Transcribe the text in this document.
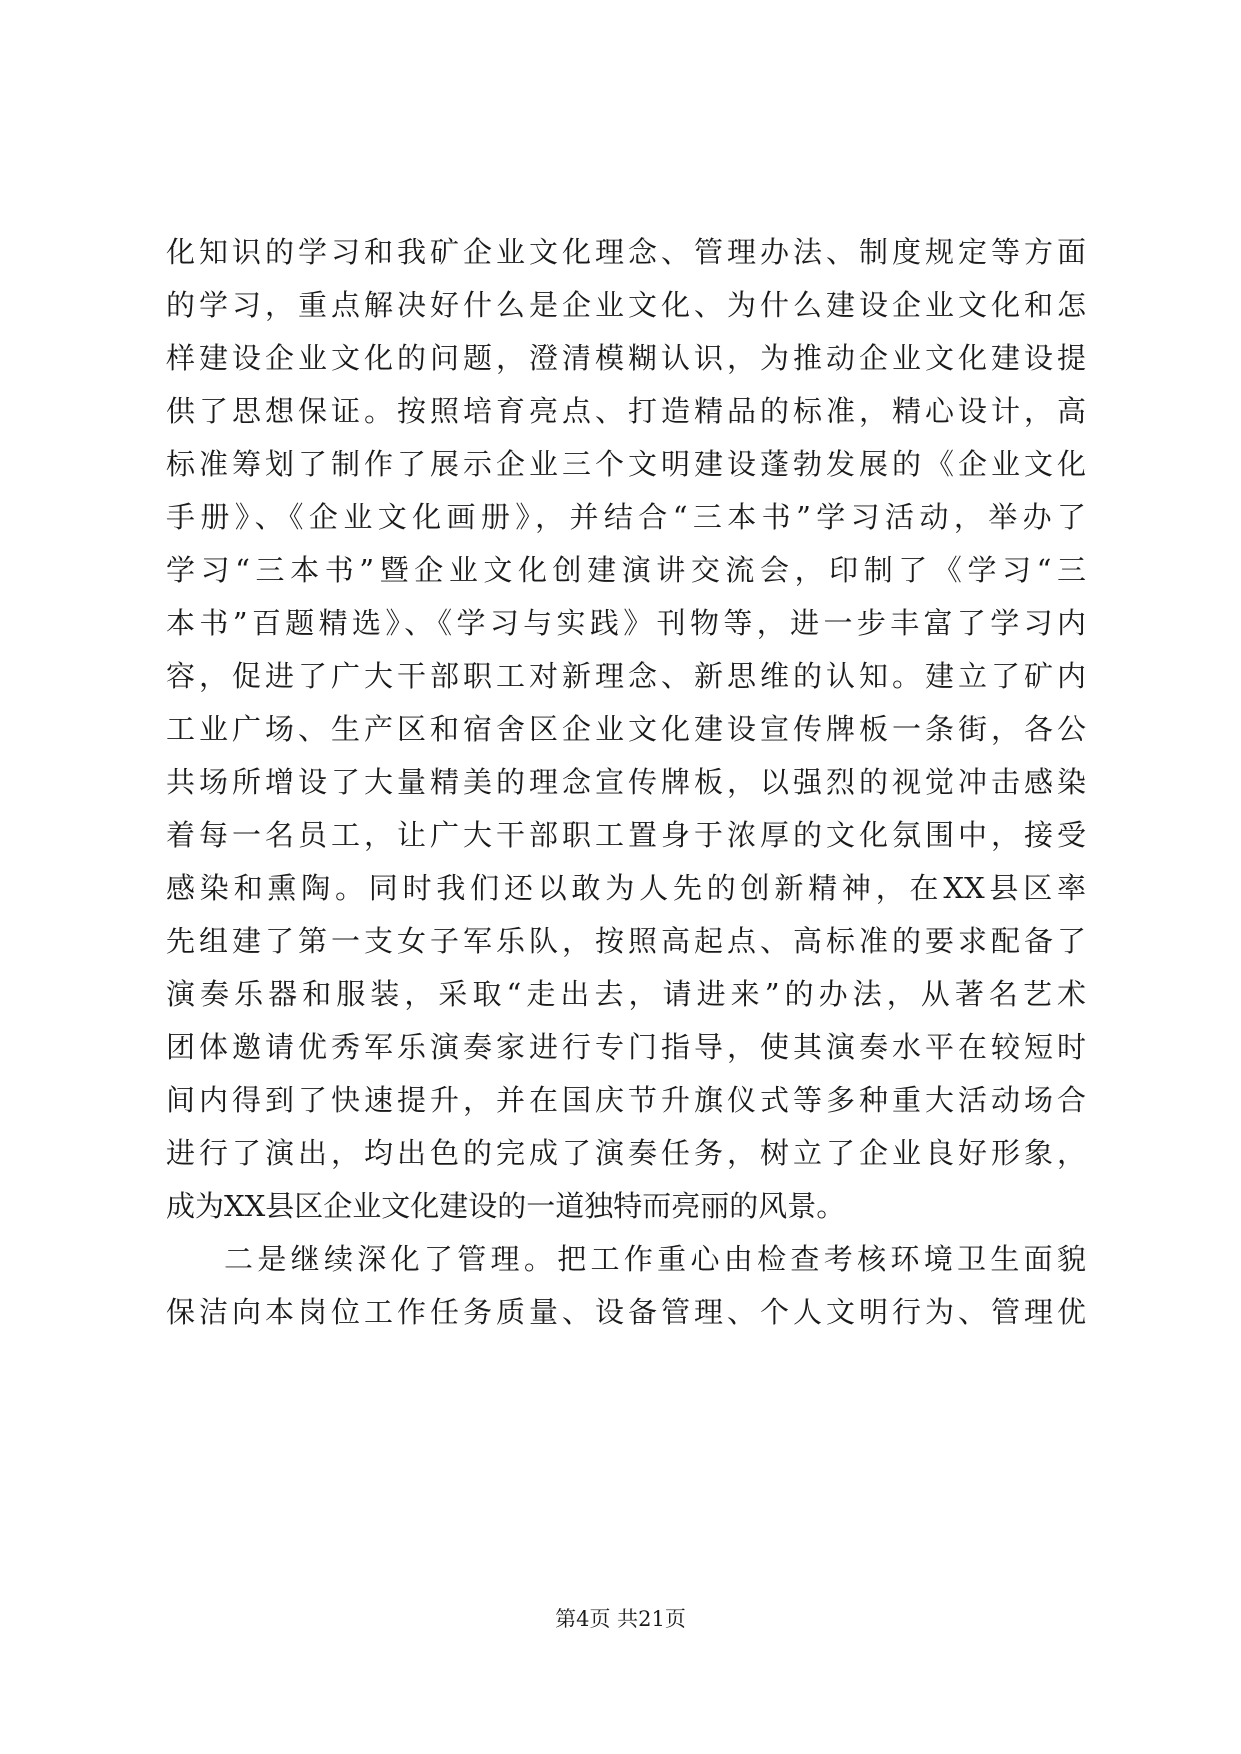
化知识的学习和我矿企业文化理念、管理办法、制度规定等方面
的学习，重点解决好什么是企业文化、为什么建设企业文化和怎
样建设企业文化的问题，澄清模糊认识，为推动企业文化建设提
供了思想保证。按照培育亮点、打造精品的标准，精心设计，高
标准筹划了制作了展示企业三个文明建设蓬勃发展的《企业文化
手册》、《企业文化画册》，并结合“三本书”学习活动，举办了
学习“三本书”暨企业文化创建演讲交流会，印制了《学习“三
本书”百题精选》、《学习与实践》刊物等，进一步丰富了学习内
容，促进了广大干部职工对新理念、新思维的认知。建立了矿内
工业广场、生产区和宿舍区企业文化建设宣传牌板一条街，各公
共场所增设了大量精美的理念宣传牌板，以强烈的视觉冲击感染
着每一名员工，让广大干部职工置身于浓厚的文化氛围中，接受
感染和熏陶。同时我们还以敢为人先的创新精神，在XX县区率
先组建了第一支女子军乐队，按照高起点、高标准的要求配备了
演奏乐器和服装，采取“走出去，请进来”的办法，从著名艺术
团体邀请优秀军乐演奏家进行专门指导，使其演奏水平在较短时
间内得到了快速提升，并在国庆节升旗仪式等多种重大活动场合
进行了演出，均出色的完成了演奏任务，树立了企业良好形象，
成为XX县区企业文化建设的一道独特而亮丽的风景。
二是继续深化了管理。把工作重心由检查考核环境卫生面貌
保洁向本岗位工作任务质量、设备管理、个人文明行为、管理优
第4页 共21页
